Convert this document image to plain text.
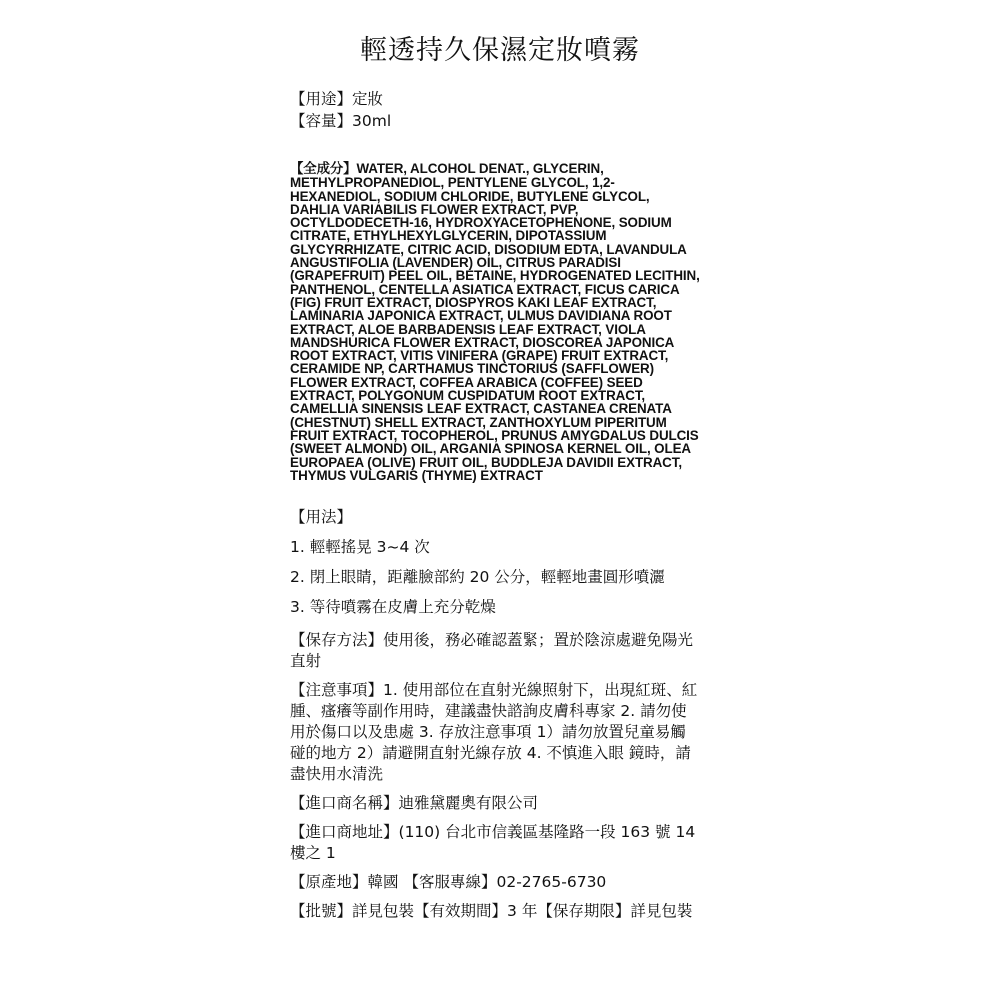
輕透持久保濕定妝噴霧
【用途】定妝
【容量】30ml
【全成分】WATER, ALCOHOL DENAT., GLYCERIN, METHYLPROPANEDIOL, PENTYLENE GLYCOL, 1,2-HEXANEDIOL, SODIUM CHLORIDE, BUTYLENE GLYCOL, DAHLIA VARIABILIS FLOWER EXTRACT, PVP, OCTYLDODECETH-16, HYDROXYACETOPHENONE, SODIUM CITRATE, ETHYLHEXYLGLYCERIN, DIPOTASSIUM GLYCYRRHIZATE, CITRIC ACID, DISODIUM EDTA, LAVANDULA ANGUSTIFOLIA (LAVENDER) OIL, CITRUS PARADISI (GRAPEFRUIT) PEEL OIL, BETAINE, HYDROGENATED LECITHIN, PANTHENOL, CENTELLA ASIATICA EXTRACT, FICUS CARICA (FIG) FRUIT EXTRACT, DIOSPYROS KAKI LEAF EXTRACT, LAMINARIA JAPONICA EXTRACT, ULMUS DAVIDIANA ROOT EXTRACT, ALOE BARBADENSIS LEAF EXTRACT, VIOLA MANDSHURICA FLOWER EXTRACT, DIOSCOREA JAPONICA ROOT EXTRACT, VITIS VINIFERA (GRAPE) FRUIT EXTRACT, CERAMIDE NP, CARTHAMUS TINCTORIUS (SAFFLOWER) FLOWER EXTRACT, COFFEA ARABICA (COFFEE) SEED EXTRACT, POLYGONUM CUSPIDATUM ROOT EXTRACT, CAMELLIA SINENSIS LEAF EXTRACT, CASTANEA CRENATA (CHESTNUT) SHELL EXTRACT, ZANTHOXYLUM PIPERITUM FRUIT EXTRACT, TOCOPHEROL, PRUNUS AMYGDALUS DULCIS (SWEET ALMOND) OIL, ARGANIA SPINOSA KERNEL OIL, OLEA EUROPAEA (OLIVE) FRUIT OIL, BUDDLEJA DAVIDII EXTRACT, THYMUS VULGARIS (THYME) EXTRACT
【用法】
1. 輕輕搖晃 3~4 次
2. 閉上眼睛，距離臉部約 20 公分，輕輕地畫圓形噴灑
3. 等待噴霧在皮膚上充分乾燥
【保存方法】使用後，務必確認蓋緊；置於陰涼處避免陽光直射
【注意事項】1. 使用部位在直射光線照射下，出現紅斑、紅腫、瘙癢等副作用時，建議盡快諮詢皮膚科專家 2. 請勿使用於傷口以及患處 3. 存放注意事項 1）請勿放置兒童易觸碰的地方 2）請避開直射光線存放 4. 不慎進入眼 鏡時，請盡快用水清洗
【進口商名稱】迪雅黛麗奧有限公司
【進口商地址】(110) 台北市信義區基隆路一段 163 號 14 樓之 1
【原產地】韓國 【客服專線】02-2765-6730
【批號】詳見包裝【有效期間】3 年【保存期限】詳見包裝
